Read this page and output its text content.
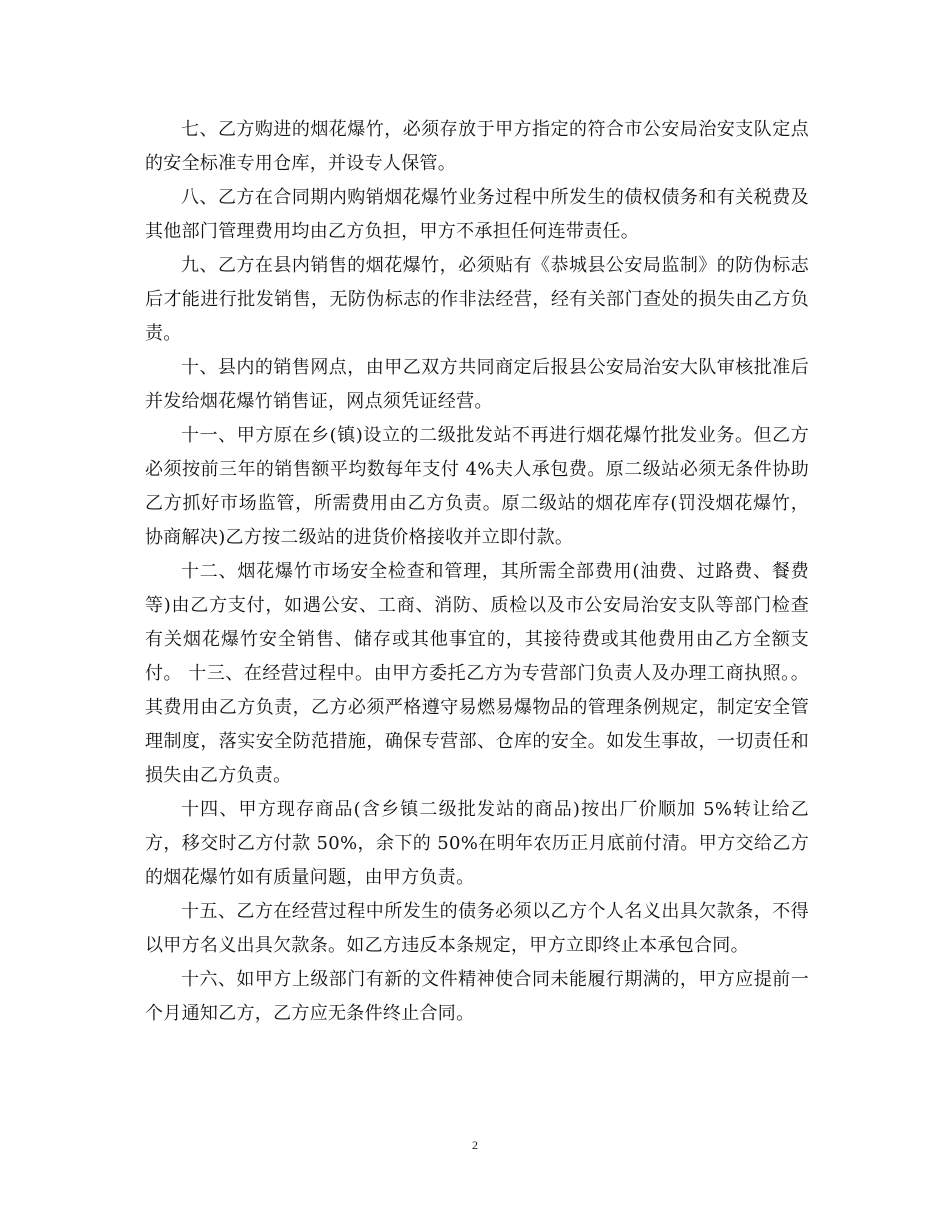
七、乙方购进的烟花爆竹，必须存放于甲方指定的符合市公安局治安支队定点的安全标准专用仓库，并设专人保管。

八、乙方在合同期内购销烟花爆竹业务过程中所发生的债权债务和有关税费及其他部门管理费用均由乙方负担，甲方不承担任何连带责任。

九、乙方在县内销售的烟花爆竹，必须贴有《恭城县公安局监制》的防伪标志后才能进行批发销售，无防伪标志的作非法经营，经有关部门查处的损失由乙方负责。

十、县内的销售网点，由甲乙双方共同商定后报县公安局治安大队审核批准后并发给烟花爆竹销售证，网点须凭证经营。

十一、甲方原在乡(镇)设立的二级批发站不再进行烟花爆竹批发业务。但乙方必须按前三年的销售额平均数每年支付 4%夫人承包费。原二级站必须无条件协助乙方抓好市场监管，所需费用由乙方负责。原二级站的烟花库存(罚没烟花爆竹，协商解决)乙方按二级站的进货价格接收并立即付款。

十二、烟花爆竹市场安全检查和管理，其所需全部费用(油费、过路费、餐费等)由乙方支付，如遇公安、工商、消防、质检以及市公安局治安支队等部门检查有关烟花爆竹安全销售、储存或其他事宜的，其接待费或其他费用由乙方全额支付。 十三、在经营过程中。由甲方委托乙方为专营部门负责人及办理工商执照。。其费用由乙方负责，乙方必须严格遵守易燃易爆物品的管理条例规定，制定安全管理制度，落实安全防范措施，确保专营部、仓库的安全。如发生事故，一切责任和损失由乙方负责。

十四、甲方现存商品(含乡镇二级批发站的商品)按出厂价顺加 5%转让给乙方，移交时乙方付款 50%，余下的 50%在明年农历正月底前付清。甲方交给乙方的烟花爆竹如有质量问题，由甲方负责。

十五、乙方在经营过程中所发生的债务必须以乙方个人名义出具欠款条，不得以甲方名义出具欠款条。如乙方违反本条规定，甲方立即终止本承包合同。

十六、如甲方上级部门有新的文件精神使合同未能履行期满的，甲方应提前一个月通知乙方，乙方应无条件终止合同。

2
